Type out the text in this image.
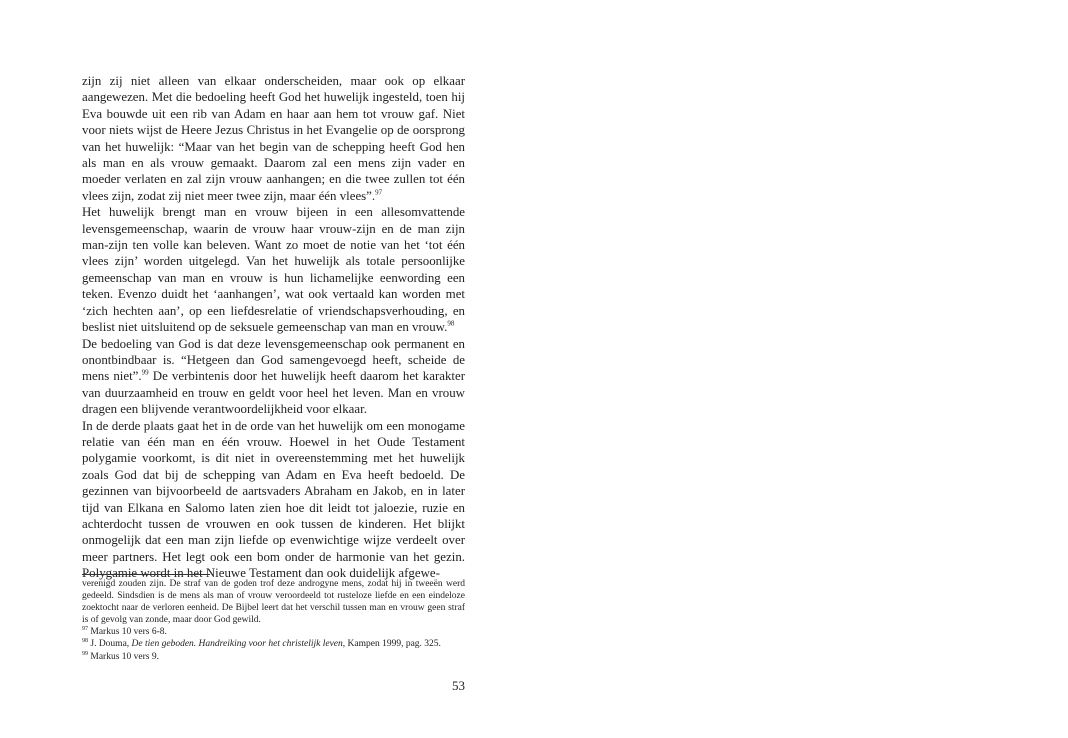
zijn zij niet alleen van elkaar onderscheiden, maar ook op elkaar aangewezen. Met die bedoeling heeft God het huwelijk ingesteld, toen hij Eva bouwde uit een rib van Adam en haar aan hem tot vrouw gaf. Niet voor niets wijst de Heere Jezus Christus in het Evangelie op de oorsprong van het huwelijk: “Maar van het begin van de schepping heeft God hen als man en als vrouw gemaakt. Daarom zal een mens zijn vader en moeder verlaten en zal zijn vrouw aanhangen; en die twee zullen tot één vlees zijn, zodat zij niet meer twee zijn, maar één vlees”.$^{97}$

Het huwelijk brengt man en vrouw bijeen in een allesomvattende levensgemeenschap, waarin de vrouw haar vrouw-zijn en de man zijn man-zijn ten volle kan beleven. Want zo moet de notie van het ‘tot één vlees zijn’ worden uitgelegd. Van het huwelijk als totale persoonlijke gemeenschap van man en vrouw is hun lichamelijke eenwording een teken. Evenzo duidt het ‘aanhangen’, wat ook vertaald kan worden met ‘zich hechten aan’, op een liefdesrelatie of vriendschapsverhouding, en beslist niet uitsluitend op de seksuele gemeenschap van man en vrouw.$^{98}$

De bedoeling van God is dat deze levensgemeenschap ook permanent en onontbindbaar is. “Hetgeen dan God samengevoegd heeft, scheide de mens niet”.$^{99}$ De verbintenis door het huwelijk heeft daarom het karakter van duurzaamheid en trouw en geldt voor heel het leven. Man en vrouw dragen een blijvende verantwoordelijkheid voor elkaar.

In de derde plaats gaat het in de orde van het huwelijk om een monogame relatie van één man en één vrouw. Hoewel in het Oude Testament polygamie voorkomt, is dit niet in overeenstemming met het huwelijk zoals God dat bij de schepping van Adam en Eva heeft bedoeld. De gezinnen van bijvoorbeeld de aartsvaders Abraham en Jakob, en in later tijd van Elkana en Salomo laten zien hoe dit leidt tot jaloezie, ruzie en achterdocht tussen de vrouwen en ook tussen de kinderen. Het blijkt onmogelijk dat een man zijn liefde op evenwichtige wijze verdeelt over meer partners. Het legt ook een bom onder de harmonie van het gezin. Polygamie wordt in het Nieuwe Testament dan ook duidelijk afgewe-

verenigd zouden zijn. De straf van de goden trof deze androgyne mens, zodat hij in tweeën werd gedeeld. Sindsdien is de mens als man of vrouw veroordeeld tot rusteloze liefde en een eindeloze zoektocht naar de verloren eenheid. De Bijbel leert dat het verschil tussen man en vrouw geen straf is of gevolg van zonde, maar door God gewild.

$^{97}$ Markus 10 vers 6-8.

$^{98}$ J. Douma, De tien geboden. Handreiking voor het christelijk leven, Kampen 1999, pag. 325.

$^{99}$ Markus 10 vers 9.

53
